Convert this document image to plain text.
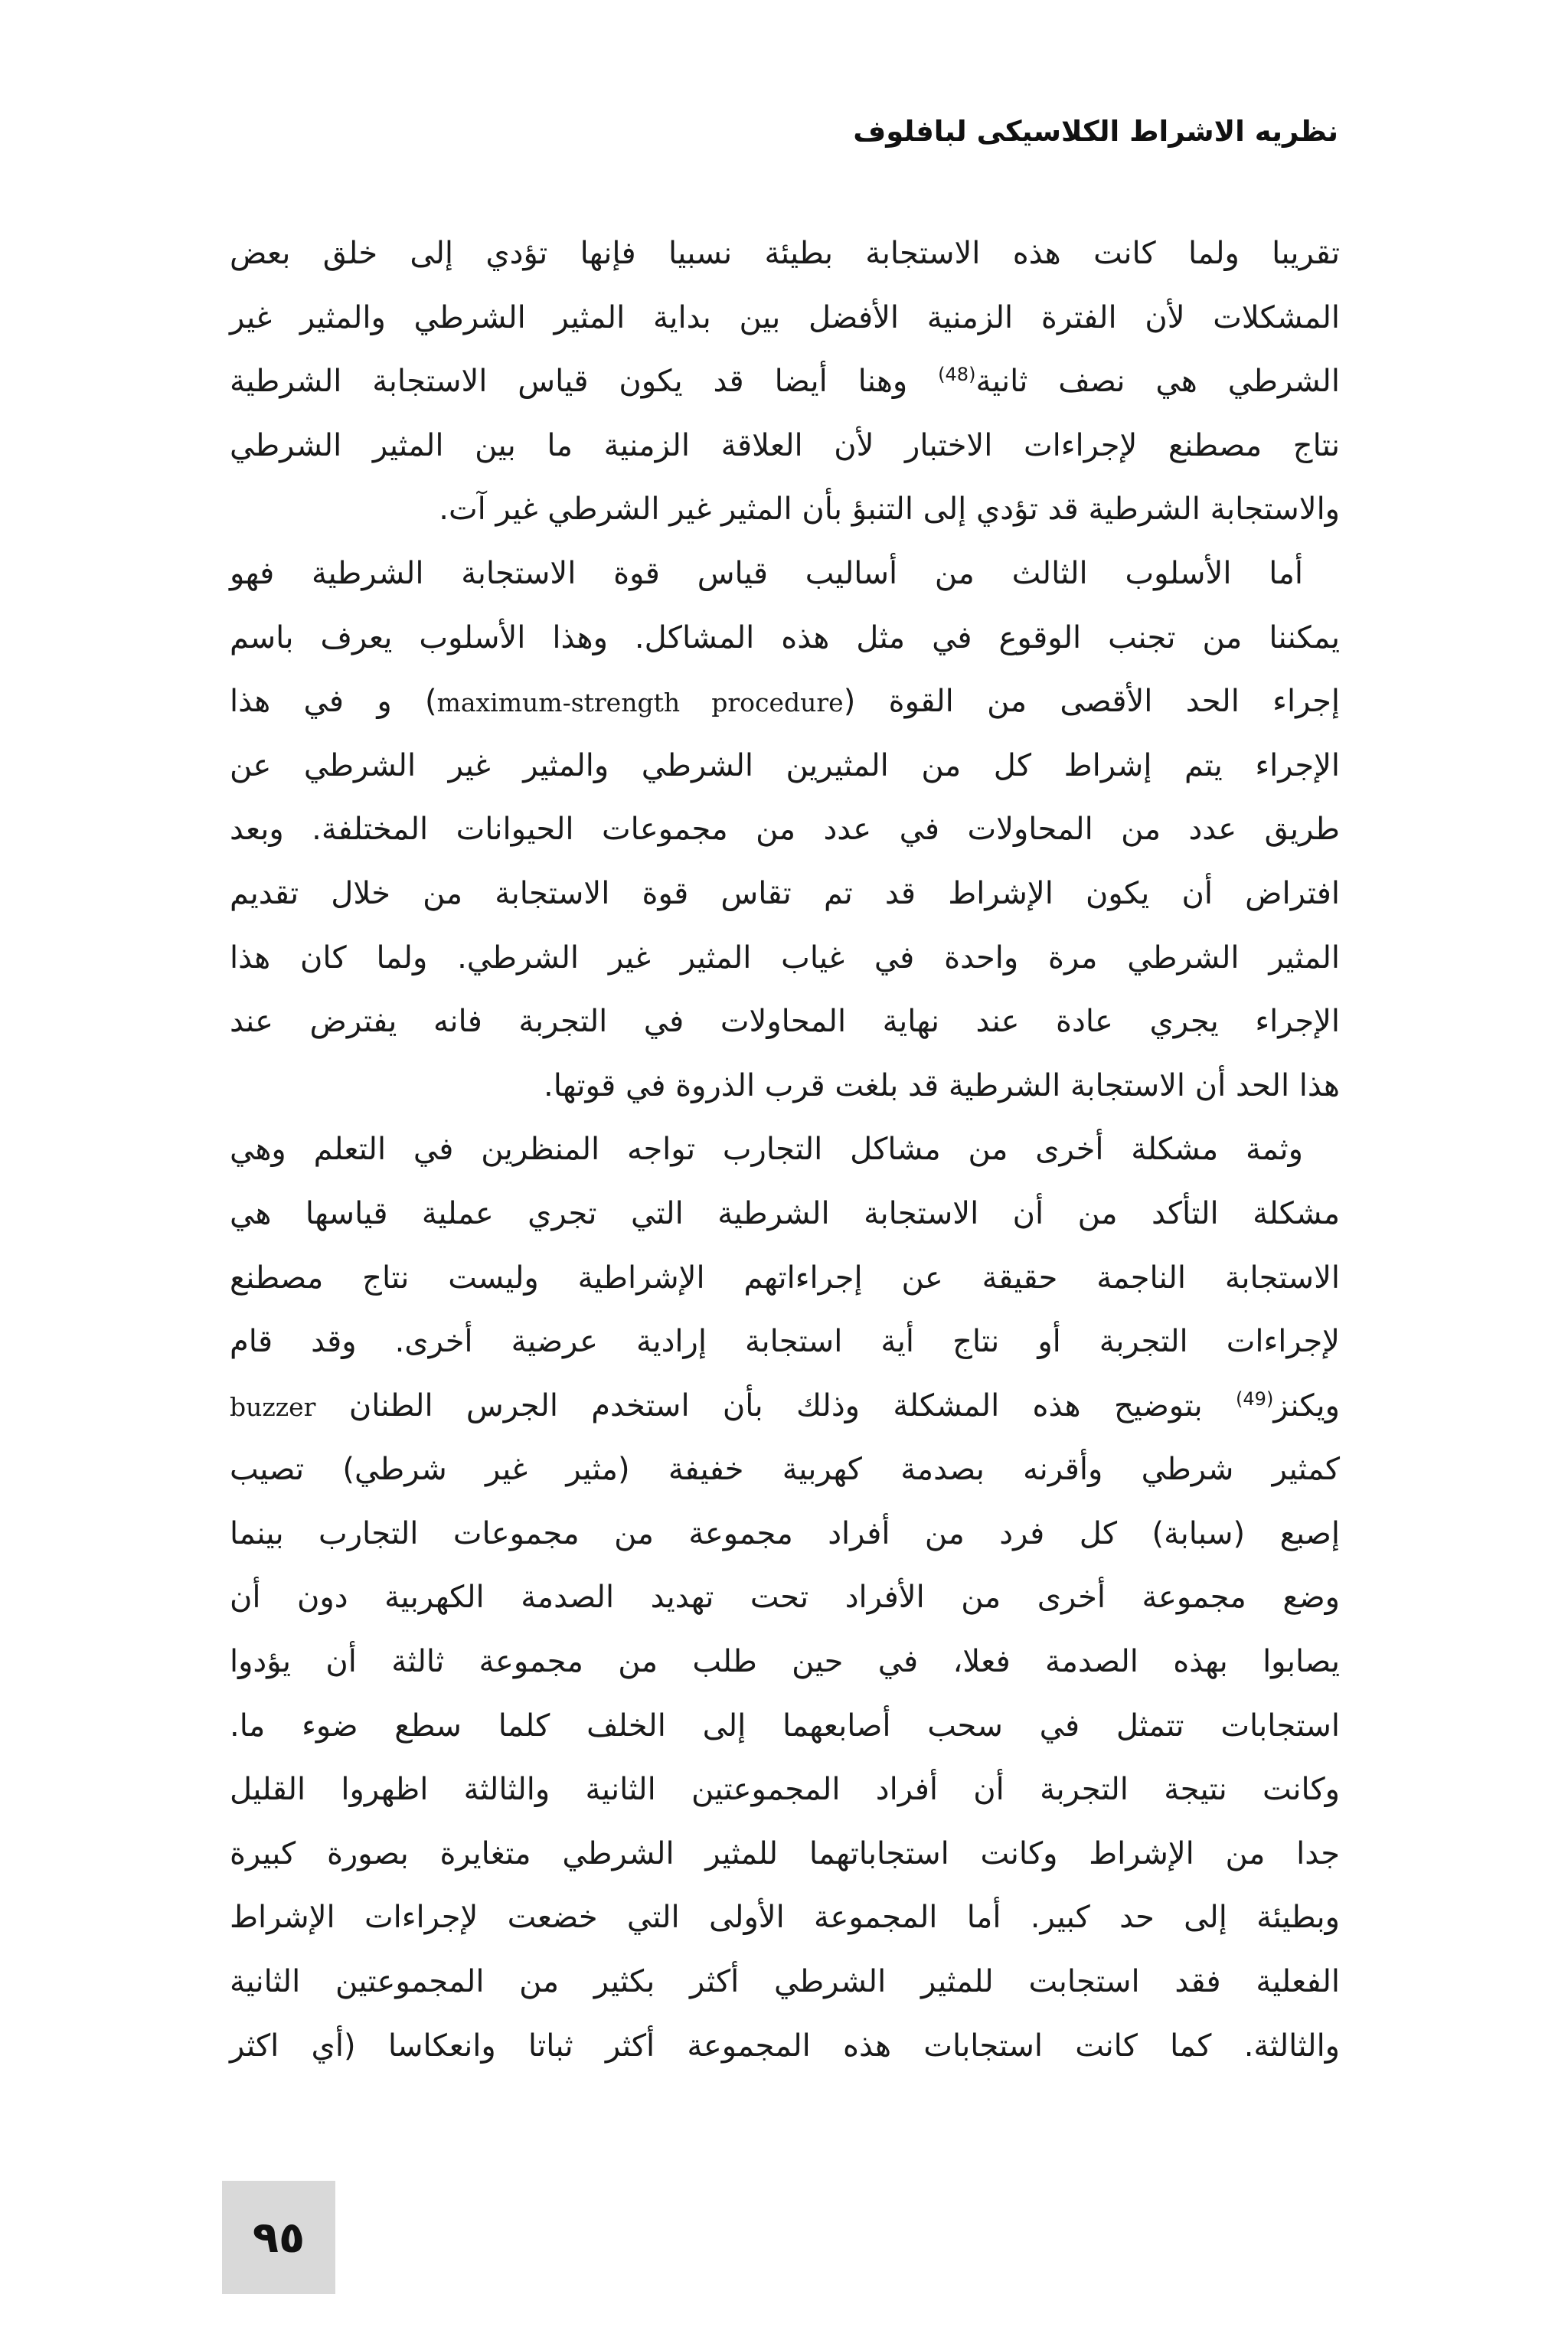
نظريه الاشراط الكلاسيكى لبافلوف
تقريبا ولما كانت هذه الاستجابة بطيئة نسبيا فإنها تؤدي إلى خلق بعض
المشكلات لأن الفترة الزمنية الأفضل بين بداية المثير الشرطي والمثير غير
الشرطي هي نصف ثانية$^{(48)}$ وهنا أيضا قد يكون قياس الاستجابة الشرطية
نتاج مصطنع لإجراءات الاختبار لأن العلاقة الزمنية ما بين المثير الشرطي
والاستجابة الشرطية قد تؤدي إلى التنبؤ بأن المثير غير الشرطي غير آت.
أما الأسلوب الثالث من أساليب قياس قوة الاستجابة الشرطية فهو
يمكننا من تجنب الوقوع في مثل هذه المشاكل. وهذا الأسلوب يعرف باسم
إجراء الحد الأقصى من القوة (maximum-strength procedure) و في هذا
الإجراء يتم إشراط كل من المثيرين الشرطي والمثير غير الشرطي عن
طريق عدد من المحاولات في عدد من مجموعات الحيوانات المختلفة. وبعد
افتراض أن يكون الإشراط قد تم تقاس قوة الاستجابة من خلال تقديم
المثير الشرطي مرة واحدة في غياب المثير غير الشرطي. ولما كان هذا
الإجراء يجري عادة عند نهاية المحاولات في التجربة فانه يفترض عند
هذا الحد أن الاستجابة الشرطية قد بلغت قرب الذروة في قوتها.
وثمة مشكلة أخرى من مشاكل التجارب تواجه المنظرين في التعلم وهي
مشكلة التأكد من أن الاستجابة الشرطية التي تجري عملية قياسها هي
الاستجابة الناجمة حقيقة عن إجراءاتهم الإشراطية وليست نتاج مصطنع
لإجراءات التجربة أو نتاج أية استجابة إرادية عرضية أخرى. وقد قام
ويكنز$^{(49)}$ بتوضيح هذه المشكلة وذلك بأن استخدم الجرس الطنان buzzer
كمثير شرطي وأقرنه بصدمة كهربية خفيفة (مثير غير شرطي) تصيب
إصبع (سبابة) كل فرد من أفراد مجموعة من مجموعات التجارب بينما
وضع مجموعة أخرى من الأفراد تحت تهديد الصدمة الكهربية دون أن
يصابوا بهذه الصدمة فعلا، في حين طلب من مجموعة ثالثة أن يؤدوا
استجابات تتمثل في سحب أصابعهما إلى الخلف كلما سطع ضوء ما.
وكانت نتيجة التجربة أن أفراد المجموعتين الثانية والثالثة اظهروا القليل
جدا من الإشراط وكانت استجاباتهما للمثير الشرطي متغايرة بصورة كبيرة
وبطيئة إلى حد كبير. أما المجموعة الأولى التي خضعت لإجراءات الإشراط
الفعلية فقد استجابت للمثير الشرطي أكثر بكثير من المجموعتين الثانية
والثالثة. كما كانت استجابات هذه المجموعة أكثر ثباتا وانعكاسا (أي اكثر
٩٥
